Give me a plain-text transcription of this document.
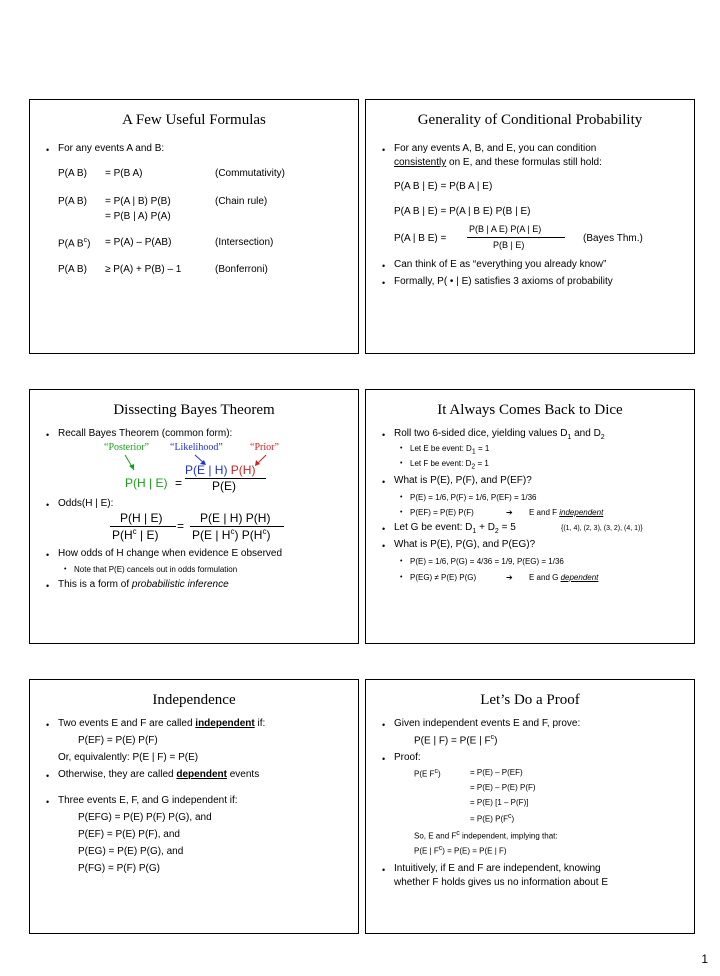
A Few Useful Formulas
• For any events A and B:
P(A B) = P(B A)	(Commutativity)
P(A B) = P(A | B) P(B)	(Chain rule)
= P(B | A) P(A)
P(A $B^c) = P(A) - P(AB)$	(Intersection)
P(A B) ≥ P(A) + P(B) – 1	(Bonferroni)
Generality of Conditional Probability
• For any events A, B, and E, you can condition
consistently on E, and these formulas still hold:
P(A B | E) = P(B A | E)
P(A B | E) = P(A | B E) P(B | E)
P(A | B E) =
P(B | A E) P(A | E)
P(B | E)
(Bayes Thm.)
• Can think of E as “everything you already know”
• Formally, P( • | E) satisfies 3 axioms of probability
Dissecting Bayes Theorem
• Recall Bayes Theorem (common form):
“Posterior” “Likelihood”	“Prior”
P(H | E) =
P(E | H) P(H)
P(E)
• Odds(H | E):
P(H | E)
$P(H^c$ | E)
=
P(E | H) P(H)
P(E | $H^c$) $P(H^c)$
• How odds of H change when evidence E observed
• Note that P(E) cancels out in odds formulation
• This is a form of probabilistic inference
It Always Comes Back to Dice
• Roll two 6-sided dice, yielding values $D_1$ and $D_2$
• Let E be event: $D_1 = 1$
• Let F be event: $D_2 = 1$
• What is P(E), P(F), and P(EF)?
• P(E) = 1/6, P(F) = 1/6, P(EF) = 1/36
• P(EF) = P(E) P(F)	➔ E and F independent
• Let G be event: $D_1 + D_2 = 5$	{(1, 4), (2, 3), (3, 2), (4, 1)}
• What is P(E), P(G), and P(EG)?
• P(E) = 1/6, P(G) = 4/36 = 1/9, P(EG) = 1/36
• P(EG) ≠ P(E) P(G)	➔ E and G dependent
Independence
• Two events E and F are called independent if:
P(EF) = P(E) P(F)
Or, equivalently: P(E | F) = P(E)
• Otherwise, they are called dependent events
• Three events E, F, and G independent if:
P(EFG) = P(E) P(F) P(G), and
P(EF) = P(E) P(F), and
P(EG) = P(E) P(G), and
P(FG) = P(F) P(G)
Let’s Do a Proof
• Given independent events E and F, prove:
P(E | F) = P(E | $F^c$)
• Proof:
P(E $F^c$)	= P(E) – P(EF)
= P(E) – P(E) P(F)
= P(E) [1 – P(F)]
= P(E) $P(F^c)$
So, E and $F^c$ independent, implying that:
P(E | $F^c) = P(E) = P(E$ | F)
• Intuitively, if E and F are independent, knowing
whether F holds gives us no information about E
1
